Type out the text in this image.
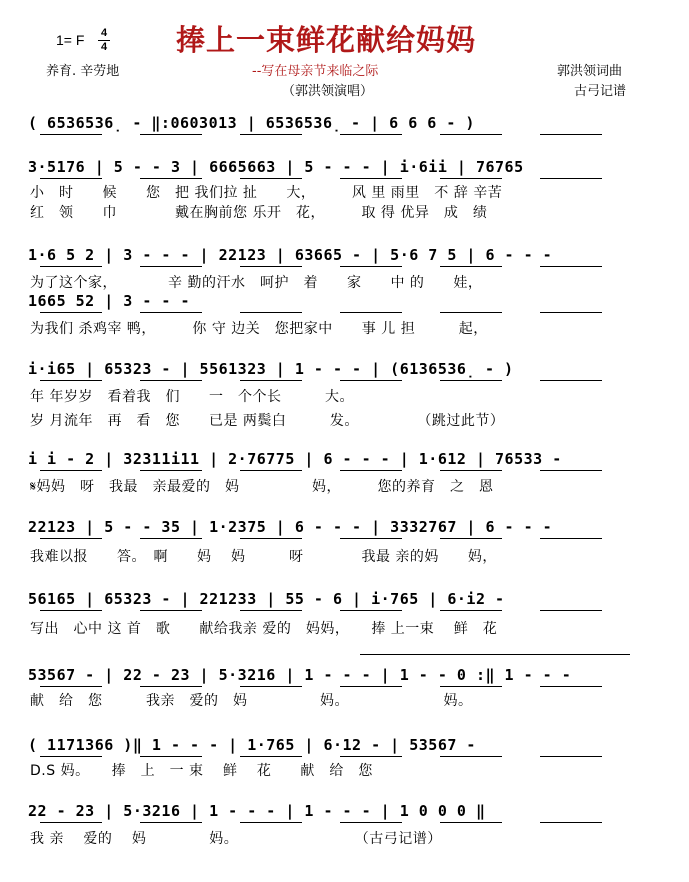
1= F 4
4 捧上一束鲜花献给妈妈
--写在母亲节来临之际
（郭洪领演唱）
养育. 辛劳地	郭洪领词曲
古弓记谱
( 6536536̣ - ‖:0603013 | 6536536̣ - | 6 6 6 - )
3·5176 | 5 - - 3 | 6665663 | 5 - - - | i·6ii | 76765
1·6 5 2 | 3 - - - | 22123 | 63665 - | 5·6 7 5 | 6 - - -
1665 52 | 3 - - -
i·i65 | 65323 - | 5561323 | 1 - - - | (6136536̣ - )
i i - 2 | 32311i11 | 2·76775 | 6 - - - | 1·612 | 76533 -
22123 | 5 - - 35 | 1·2375 | 6 - - - | 3332767 | 6 - - -
56165 | 65323 - | 221233 | 55 - 6 | i·765 | 6·i2 -
53567 - | 22 - 23 | 5·3216 | 1 - - - | 1 - - 0 :‖ 1 - - -
( 1171366 )‖ 1 - - - | 1·765 | 6·12 - | 53567 -
22 - 23 | 5·3216 | 1 - - - | 1 - - - | 1 0 0 0 ‖
小　时　　候　　您　把 我们拉 扯　　大，　　　风 里 雨里　不 辞 辛苦
红　领　　巾　　　　戴在胸前您 乐开　花，　　　取 得 优异　成　绩
为了这个家，　　　　辛 勤的汗水　呵护　着　　家　　中 的　　娃，
为我们 杀鸡宰 鸭，　　　你 守 边关　您把家中　　事 儿 担　　　起，
年 年岁岁　看着我　们　　一　个个长　　　大。
岁 月流年　再　看　您　　已是 两鬓白　　　发。　　　　　（跳过此节）
𝄋妈妈　呀　我最　亲最爱的　妈　　　　　妈，　　　您的养育　之　恩
我难以报　　答。　啊　　妈　 妈　　　呀　　　　我最 亲的妈　　妈，
写出　心中 这 首　歌　　献给我亲 爱的　妈妈，　　捧 上一束　 鲜　花
献　给　您　　　我亲　爱的　妈　　　　　妈。　　　　　　　妈。
D.S 妈。　　捧　上　一 束　 鲜　 花　　献　给　您
我 亲　 爱的　 妈　　　　 妈。　　　　　　　　　（古弓记谱）
